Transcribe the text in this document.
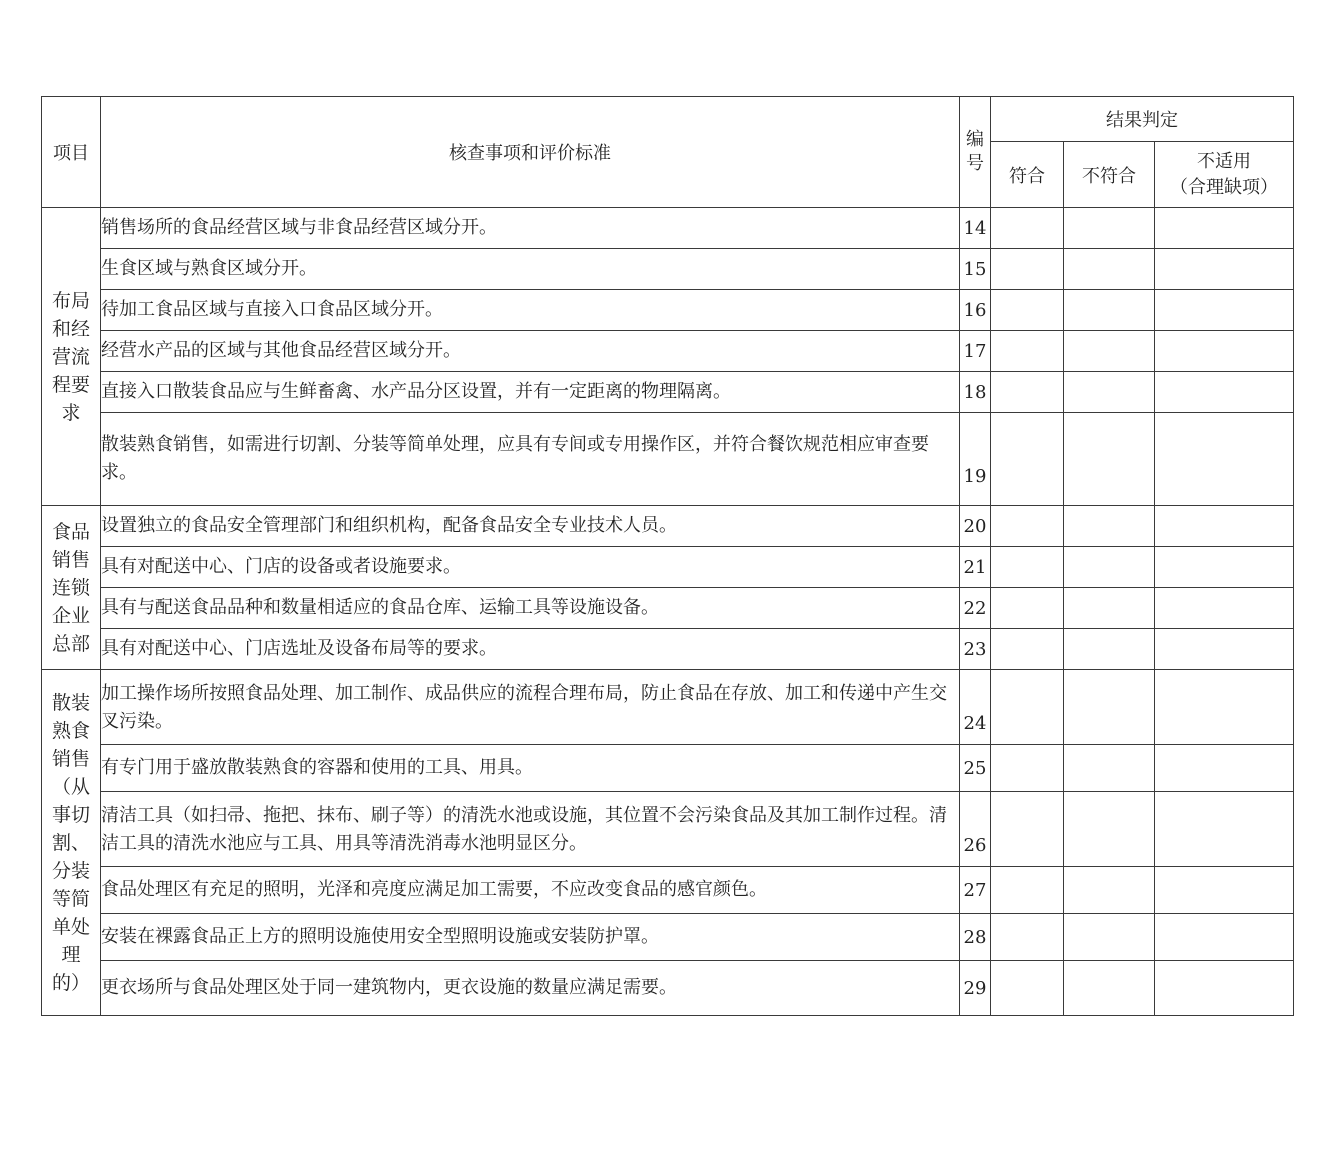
项目	核查事项和评价标准	编号	结果判定		
			符合	不符合	不适用
（合理缺项）

布局和经营流程要求	销售场所的食品经营区域与非食品经营区域分开。	14			
	生食区域与熟食区域分开。	15			
	待加工食品区域与直接入口食品区域分开。	16			
	经营水产品的区域与其他食品经营区域分开。	17			
	直接入口散装食品应与生鲜畜禽、水产品分区设置，并有一定距离的物理隔离。	18			
	散装熟食销售，如需进行切割、分装等简单处理，应具有专间或专用操作区，并符合餐饮规范相应审查要求。	19			

食品销售连锁企业总部	设置独立的食品安全管理部门和组织机构，配备食品安全专业技术人员。	20			
	具有对配送中心、门店的设备或者设施要求。	21			
	具有与配送食品品种和数量相适应的食品仓库、运输工具等设施设备。	22			
	具有对配送中心、门店选址及设备布局等的要求。	23			

散装熟食销售（从事切割、分装等简单处理的）	加工操作场所按照食品处理、加工制作、成品供应的流程合理布局，防止食品在存放、加工和传递中产生交叉污染。	24			
	有专门用于盛放散装熟食的容器和使用的工具、用具。	25			
	清洁工具（如扫帚、拖把、抹布、刷子等）的清洗水池或设施，其位置不会污染食品及其加工制作过程。清洁工具的清洗水池应与工具、用具等清洗消毒水池明显区分。	26			
	食品处理区有充足的照明，光泽和亮度应满足加工需要，不应改变食品的感官颜色。	27			
	安装在裸露食品正上方的照明设施使用安全型照明设施或安装防护罩。	28			
	更衣场所与食品处理区处于同一建筑物内，更衣设施的数量应满足需要。	29			
